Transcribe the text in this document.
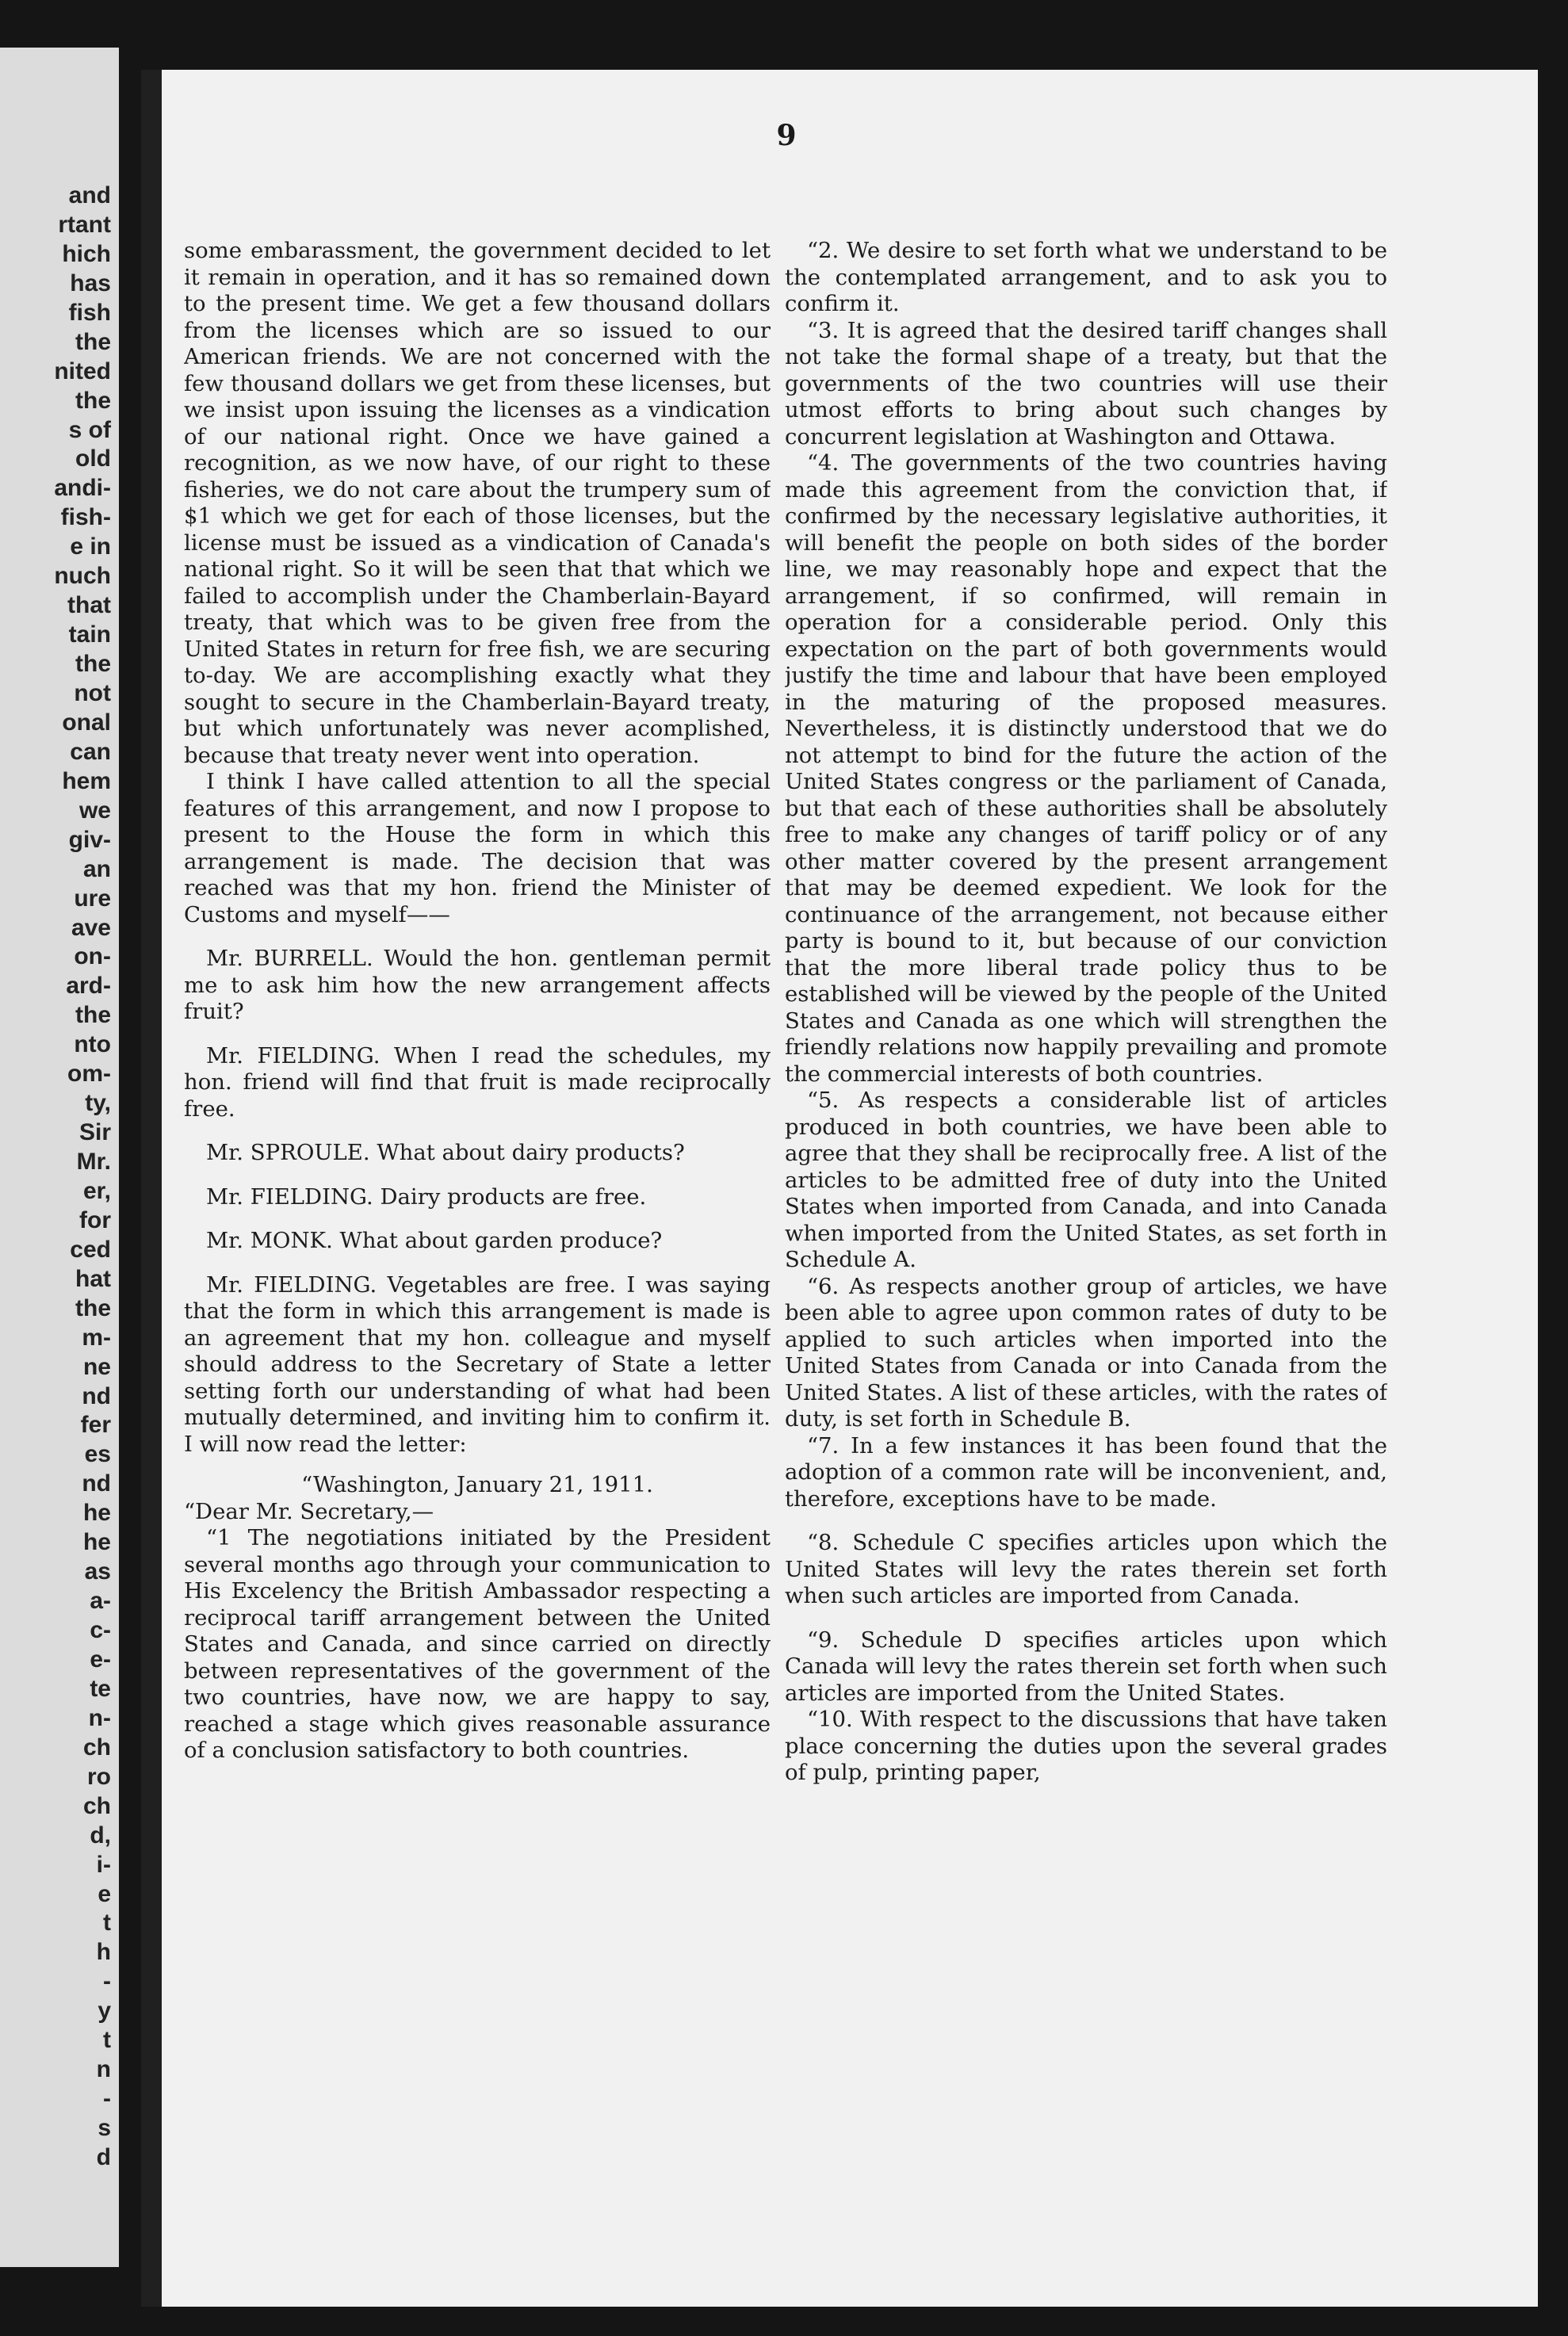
and
rtant
hich
has
fish
the
nited
the
s of
old
andi-
fish-
e in
nuch
that
tain
the
not
onal
can
hem
we
giv-
an
ure
ave
on-
ard-
the
nto
om-
ty,
Sir
Mr.
er,
for
ced
hat
the
m-
ne
nd
fer
es
nd
he
he
as
a-
c-
e-
te
n-
ch
ro
ch
d,
i-
e
t
h
-
y
t
n
-
s
d
9

some embarassment, the government decided to let it remain in operation, and it has so remained down to the present time. We get a few thousand dollars from the licenses which are so issued to our American friends. We are not concerned with the few thousand dollars we get from these licenses, but we insist upon issuing the licenses as a vindication of our national right. Once we have gained a recognition, as we now have, of our right to these fisheries, we do not care about the trumpery sum of $1 which we get for each of those licenses, but the license must be issued as a vindication of Canada's national right. So it will be seen that that which we failed to accomplish under the Chamberlain-Bayard treaty, that which was to be given free from the United States in return for free fish, we are securing to-day. We are accomplishing exactly what they sought to secure in the Chamberlain-Bayard treaty, but which unfortunately was never acomplished, because that treaty never went into operation.

I think I have called attention to all the special features of this arrangement, and now I propose to present to the House the form in which this arrangement is made. The decision that was reached was that my hon. friend the Minister of Customs and myself——

Mr. BURRELL. Would the hon. gentleman permit me to ask him how the new arrangement affects fruit?

Mr. FIELDING. When I read the schedules, my hon. friend will find that fruit is made reciprocally free.

Mr. SPROULE. What about dairy products?

Mr. FIELDING. Dairy products are free.

Mr. MONK. What about garden produce?

Mr. FIELDING. Vegetables are free. I was saying that the form in which this arrangement is made is an agreement that my hon. colleague and myself should address to the Secretary of State a letter setting forth our understanding of what had been mutually determined, and inviting him to confirm it. I will now read the letter:

“Washington, January 21, 1911.

“Dear Mr. Secretary,—

“1 The negotiations initiated by the President several months ago through your communication to His Excelency the British Ambassador respecting a reciprocal tariff arrangement between the United States and Canada, and since carried on directly between representatives of the government of the two countries, have now, we are happy to say, reached a stage which gives reasonable assurance of a conclusion satisfactory to both countries.

“2. We desire to set forth what we understand to be the contemplated arrangement, and to ask you to confirm it.

“3. It is agreed that the desired tariff changes shall not take the formal shape of a treaty, but that the governments of the two countries will use their utmost efforts to bring about such changes by concurrent legislation at Washington and Ottawa.

“4. The governments of the two countries having made this agreement from the conviction that, if confirmed by the necessary legislative authorities, it will benefit the people on both sides of the border line, we may reasonably hope and expect that the arrangement, if so confirmed, will remain in operation for a considerable period. Only this expectation on the part of both governments would justify the time and labour that have been employed in the maturing of the proposed measures. Nevertheless, it is distinctly understood that we do not attempt to bind for the future the action of the United States congress or the parliament of Canada, but that each of these authorities shall be absolutely free to make any changes of tariff policy or of any other matter covered by the present arrangement that may be deemed expedient. We look for the continuance of the arrangement, not because either party is bound to it, but because of our conviction that the more liberal trade policy thus to be established will be viewed by the people of the United States and Canada as one which will strengthen the friendly relations now happily prevailing and promote the commercial interests of both countries.

“5. As respects a considerable list of articles produced in both countries, we have been able to agree that they shall be reciprocally free. A list of the articles to be admitted free of duty into the United States when imported from Canada, and into Canada when imported from the United States, as set forth in Schedule A.

“6. As respects another group of articles, we have been able to agree upon common rates of duty to be applied to such articles when imported into the United States from Canada or into Canada from the United States. A list of these articles, with the rates of duty, is set forth in Schedule B.

“7. In a few instances it has been found that the adoption of a common rate will be inconvenient, and, therefore, exceptions have to be made.

“8. Schedule C specifies articles upon which the United States will levy the rates therein set forth when such articles are imported from Canada.

“9. Schedule D specifies articles upon which Canada will levy the rates therein set forth when such articles are imported from the United States.

“10. With respect to the discussions that have taken place concerning the duties upon the several grades of pulp, printing paper,
